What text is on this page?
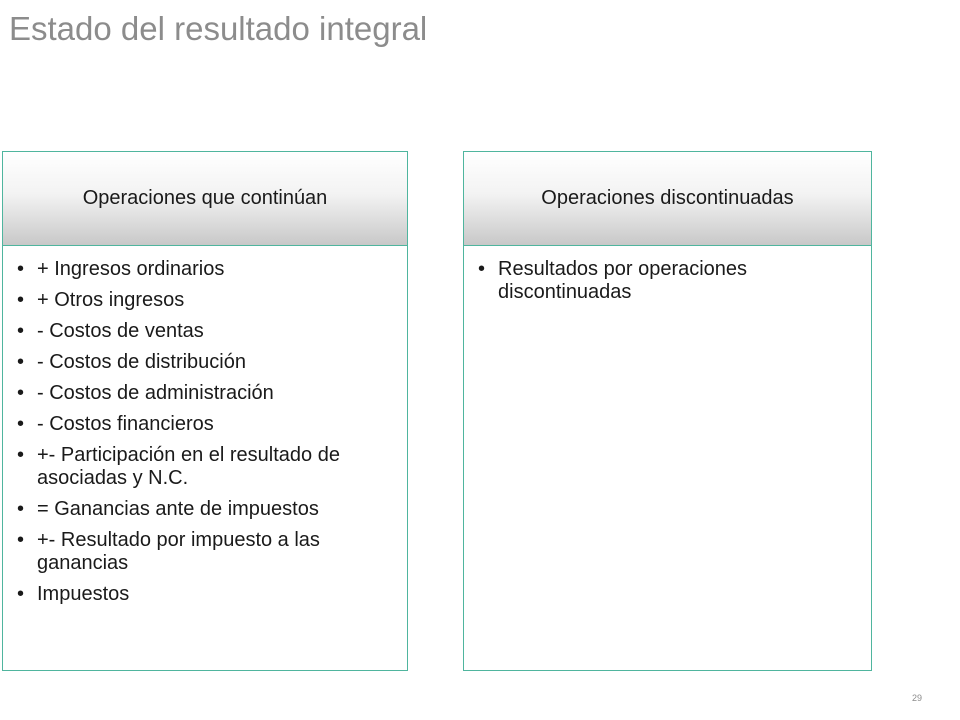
Estado del resultado integral
Operaciones que continúan
• + Ingresos ordinarios
• + Otros ingresos
• - Costos de ventas
• - Costos de distribución
• - Costos de administración
• - Costos financieros
• +- Participación en el resultado de asociadas y N.C.
• = Ganancias ante de impuestos
• +- Resultado por impuesto a las ganancias
• Impuestos
Operaciones discontinuadas
• Resultados por operaciones discontinuadas
29
